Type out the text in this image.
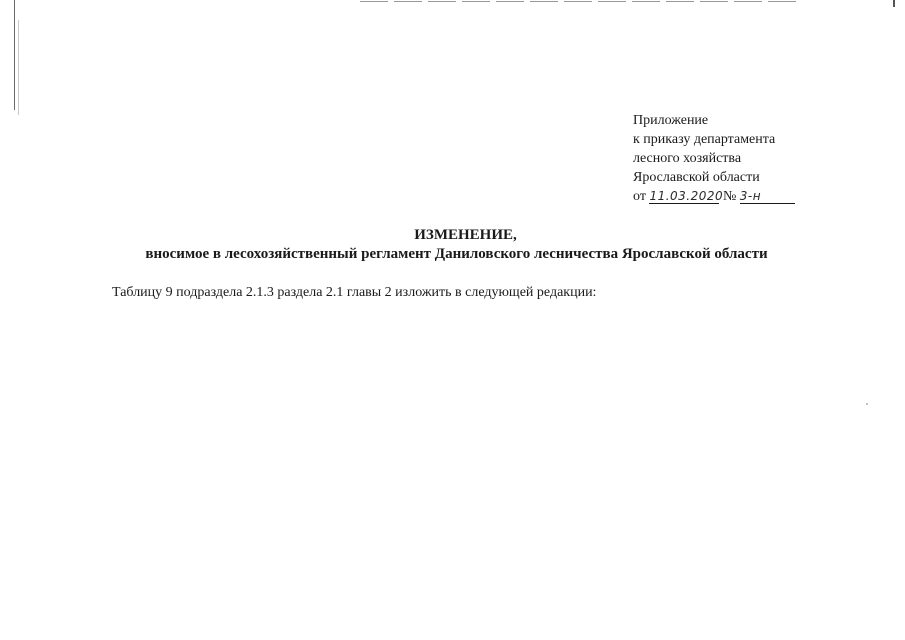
Приложение
к приказу департамента
лесного хозяйства
Ярославской области
от 11.03.2020 № 3-н
ИЗМЕНЕНИЕ,
вносимое в лесохозяйственный регламент Даниловского лесничества Ярославской области
Таблицу 9 подраздела 2.1.3 раздела 2.1 главы 2 изложить в следующей редакции:
